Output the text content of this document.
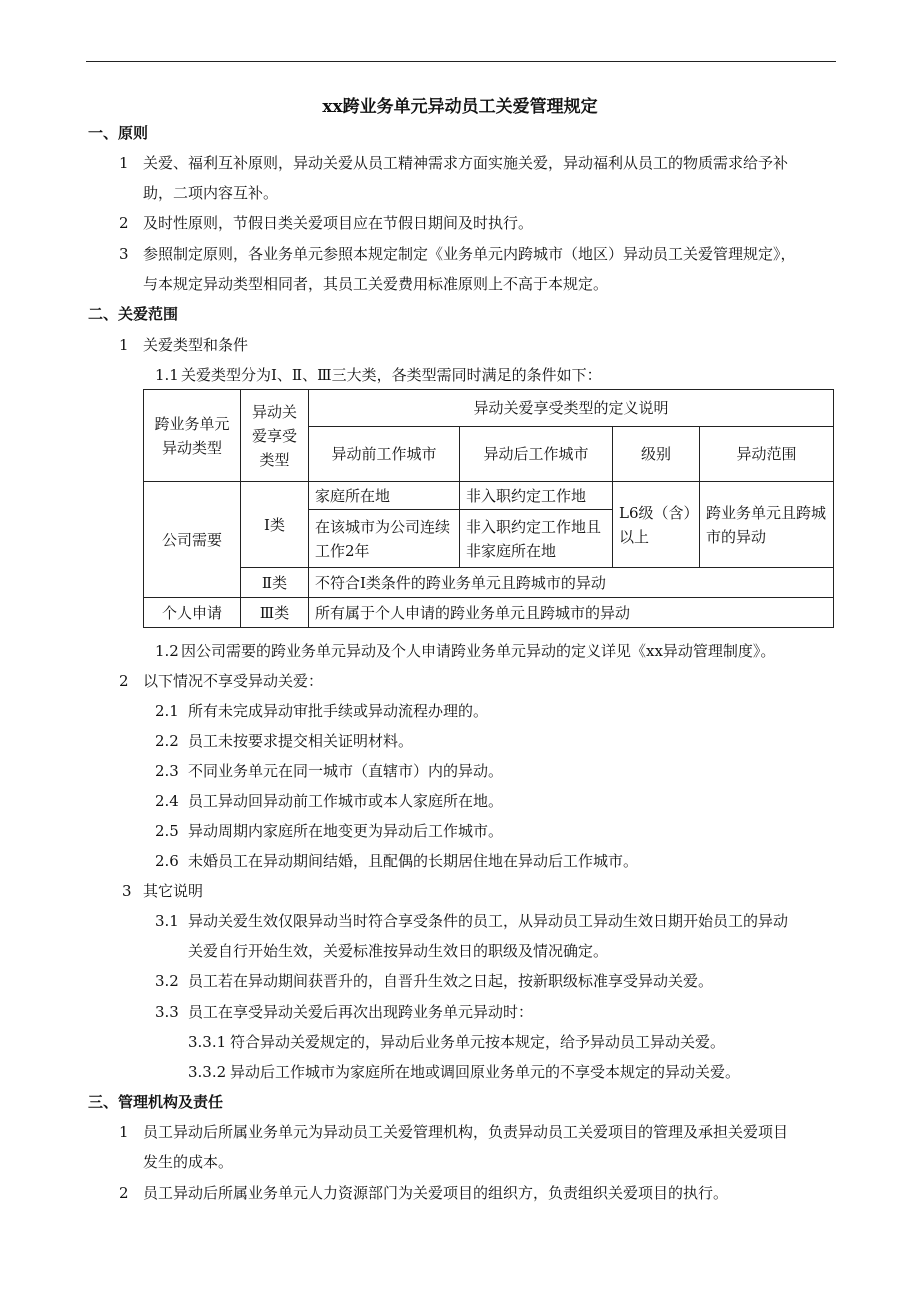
xx跨业务单元异动员工关爱管理规定
一、原则
1 关爱、福利互补原则，异动关爱从员工精神需求方面实施关爱，异动福利从员工的物质需求给予补
助，二项内容互补。
2 及时性原则，节假日类关爱项目应在节假日期间及时执行。
3 参照制定原则，各业务单元参照本规定制定《业务单元内跨城市（地区）异动员工关爱管理规定》，
与本规定异动类型相同者，其员工关爱费用标准原则上不高于本规定。
二、关爱范围
1 关爱类型和条件
1.1 关爱类型分为Ⅰ、Ⅱ、Ⅲ三大类，各类型需同时满足的条件如下：
跨业务单元异动类型	异动关爱享受类型	异动关爱享受类型的定义说明			
		异动前工作城市	异动后工作城市	级别	异动范围
公司需要	Ⅰ类	家庭所在地	非入职约定工作地	L6级（含）以上	跨业务单元且跨城市的异动
		在该城市为公司连续工作2年	非入职约定工作地且非家庭所在地		
	Ⅱ类	不符合Ⅰ类条件的跨业务单元且跨城市的异动			
个人申请	Ⅲ类	所有属于个人申请的跨业务单元且跨城市的异动			
1.2 因公司需要的跨业务单元异动及个人申请跨业务单元异动的定义详见《xx异动管理制度》。
2 以下情况不享受异动关爱：
2.1 所有未完成异动审批手续或异动流程办理的。
2.2 员工未按要求提交相关证明材料。
2.3 不同业务单元在同一城市（直辖市）内的异动。
2.4 员工异动回异动前工作城市或本人家庭所在地。
2.5 异动周期内家庭所在地变更为异动后工作城市。
2.6 未婚员工在异动期间结婚，且配偶的长期居住地在异动后工作城市。
3 其它说明
3.1 异动关爱生效仅限异动当时符合享受条件的员工，从异动员工异动生效日期开始员工的异动
关爱自行开始生效，关爱标准按异动生效日的职级及情况确定。
3.2 员工若在异动期间获晋升的，自晋升生效之日起，按新职级标准享受异动关爱。
3.3 员工在享受异动关爱后再次出现跨业务单元异动时：
3.3.1 符合异动关爱规定的，异动后业务单元按本规定，给予异动员工异动关爱。
3.3.2 异动后工作城市为家庭所在地或调回原业务单元的不享受本规定的异动关爱。
三、管理机构及责任
1 员工异动后所属业务单元为异动员工关爱管理机构，负责异动员工关爱项目的管理及承担关爱项目
发生的成本。
2 员工异动后所属业务单元人力资源部门为关爱项目的组织方，负责组织关爱项目的执行。
